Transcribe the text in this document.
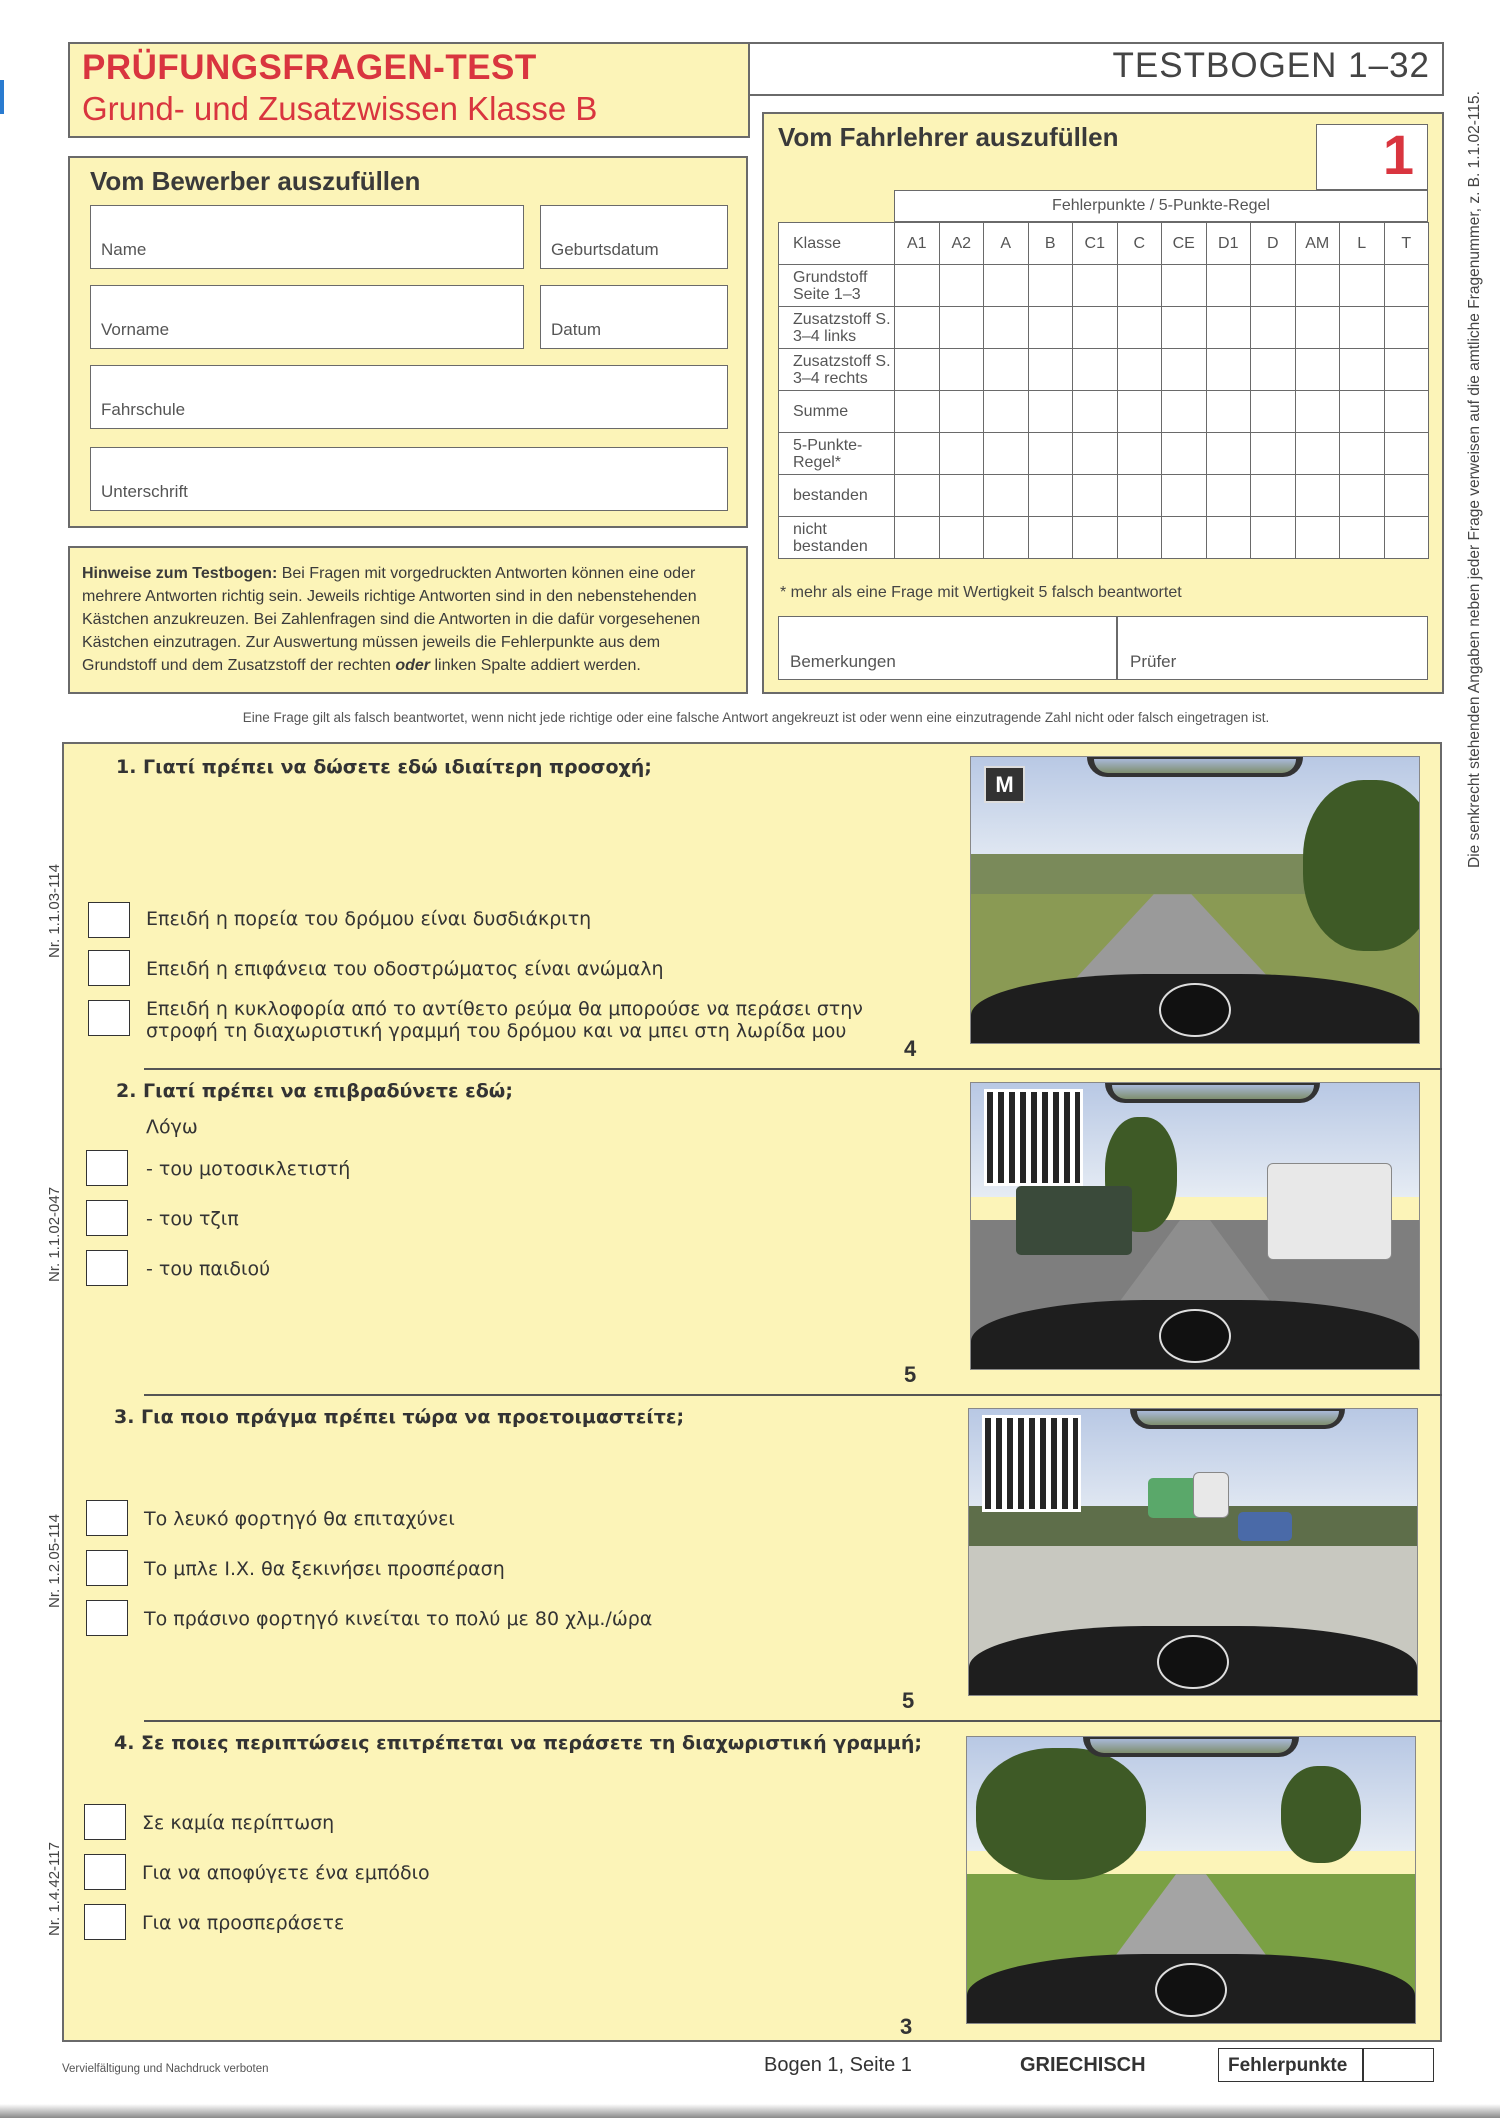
PRÜFUNGSFRAGEN-TEST
Grund- und Zusatzwissen Klasse B
TESTBOGEN 1–32
Vom Bewerber auszufüllen
Name	Geburtsdatum
Vorname	Datum
Fahrschule
Unterschrift
Hinweise zum Testbogen: Bei Fragen mit vorgedruckten Antworten können eine oder mehrere Antworten richtig sein. Jeweils richtige Antworten sind in den nebenstehenden Kästchen anzukreuzen. Bei Zahlenfragen sind die Antworten in die dafür vorgesehenen Kästchen einzutragen. Zur Auswertung müssen jeweils die Fehlerpunkte aus dem Grundstoff und dem Zusatzstoff der rechten oder linken Spalte addiert werden.
Vom Fahrlehrer auszufüllen	1
Fehlerpunkte / 5-Punkte-Regel
Klasse	A1	A2	A	B	C1	C	CE	D1	D	AM	L	T
Grundstoff Seite 1–3												
Zusatzstoff S. 3–4 links												
Zusatzstoff S. 3–4 rechts												
Summe												
5-Punkte-Regel*												
bestanden												
nicht bestanden												
* mehr als eine Frage mit Wertigkeit 5 falsch beantwortet
Bemerkungen	Prüfer
Eine Frage gilt als falsch beantwortet, wenn nicht jede richtige oder eine falsche Antwort angekreuzt ist oder wenn eine einzutragende Zahl nicht oder falsch eingetragen ist.
1. Γιατί πρέπει να δώσετε εδώ ιδιαίτερη προσοχή;
Nr. 1.1.03-114	Επειδή η πορεία του δρόμου είναι δυσδιάκριτη
Επειδή η επιφάνεια του οδοστρώματος είναι ανώμαλη
Επειδή η κυκλοφορία από το αντίθετο ρεύμα θα μπορούσε να περάσει στην στροφή τη διαχωριστική γραμμή του δρόμου και να μπει στη λωρίδα μου
4
M
2. Γιατί πρέπει να επιβραδύνετε εδώ;
Λόγω
Nr. 1.1.02-047
- του μοτοσικλετιστή
- του τζιπ
- του παιδιού
5
3. Για ποιο πράγμα πρέπει τώρα να προετοιμαστείτε;
Nr. 1.2.05-114	Το λευκό φορτηγό θα επιταχύνει
Το μπλε Ι.Χ. θα ξεκινήσει προσπέραση
Το πράσινο φορτηγό κινείται το πολύ με 80 χλμ./ώρα
5
4. Σε ποιες περιπτώσεις επιτρέπεται να περάσετε τη διαχωριστική γραμμή;
Nr. 1.4.42-117
Σε καμία περίπτωση
Για να αποφύγετε ένα εμπόδιο
Για να προσπεράσετε
3
Die senkrecht stehenden Angaben neben jeder Frage verweisen auf die amtliche Fragenummer, z. B. 1.1.02-115.
Vervielfältigung und Nachdruck verboten	Bogen 1, Seite 1	GRIECHISCH	Fehlerpunkte
